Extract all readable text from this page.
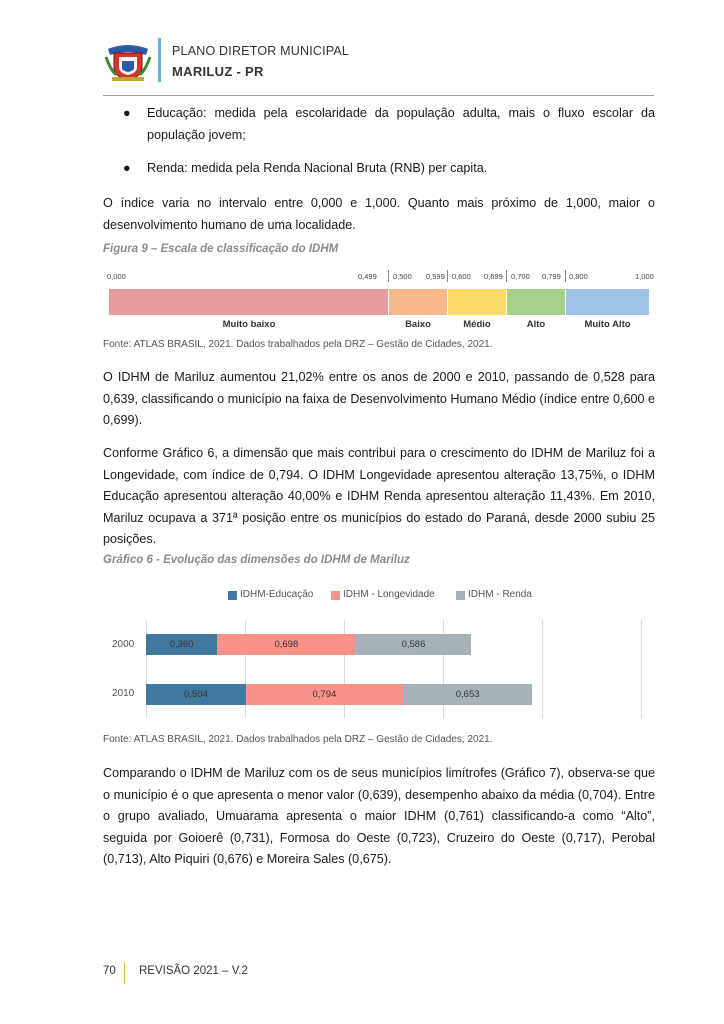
PLANO DIRETOR MUNICIPAL
MARILUZ - PR
● Educação: medida pela escolaridade da população adulta, mais o fluxo escolar da população jovem;
● Renda: medida pela Renda Nacional Bruta (RNB) per capita.
O índice varia no intervalo entre 0,000 e 1,000. Quanto mais próximo de 1,000, maior o desenvolvimento humano de uma localidade.
Figura 9 – Escala de classificação do IDHM
0,000	0,499 0,500 0,599 0,600 0,699 0,700 0,799 0,800	1,000
Muito baixo	Baixo	Médio	Alto	Muito Alto
Fonte: ATLAS BRASIL, 2021. Dados trabalhados pela DRZ – Gestão de Cidades, 2021.
O IDHM de Mariluz aumentou 21,02% entre os anos de 2000 e 2010, passando de 0,528 para 0,639, classificando o município na faixa de Desenvolvimento Humano Médio (índice entre 0,600 e 0,699).
Conforme Gráfico 6, a dimensão que mais contribui para o crescimento do IDHM de Mariluz foi a Longevidade, com índice de 0,794. O IDHM Longevidade apresentou alteração 13,75%, o IDHM Educação apresentou alteração 40,00% e IDHM Renda apresentou alteração 11,43%. Em 2010, Mariluz ocupava a 371ª posição entre os municípios do estado do Paraná, desde 2000 subiu 25 posições.
Gráfico 6 - Evolução das dimensões do IDHM de Mariluz
IDHM-Educação	IDHM - Longevidade	IDHM - Renda
2000
2010
0,360	0,698	0,586
0,504	0,794	0,653
Fonte: ATLAS BRASIL, 2021. Dados trabalhados pela DRZ – Gestão de Cidades, 2021.
Comparando o IDHM de Mariluz com os de seus municípios limítrofes (Gráfico 7), observa-se que o município é o que apresenta o menor valor (0,639), desempenho abaixo da média (0,704). Entre o grupo avaliado, Umuarama apresenta o maior IDHM (0,761) classificando-a como “Alto”, seguida por Goioerê (0,731), Formosa do Oeste (0,723), Cruzeiro do Oeste (0,717), Perobal (0,713), Alto Piquiri (0,676) e Moreira Sales (0,675).
70 REVISÃO 2021 – V.2
